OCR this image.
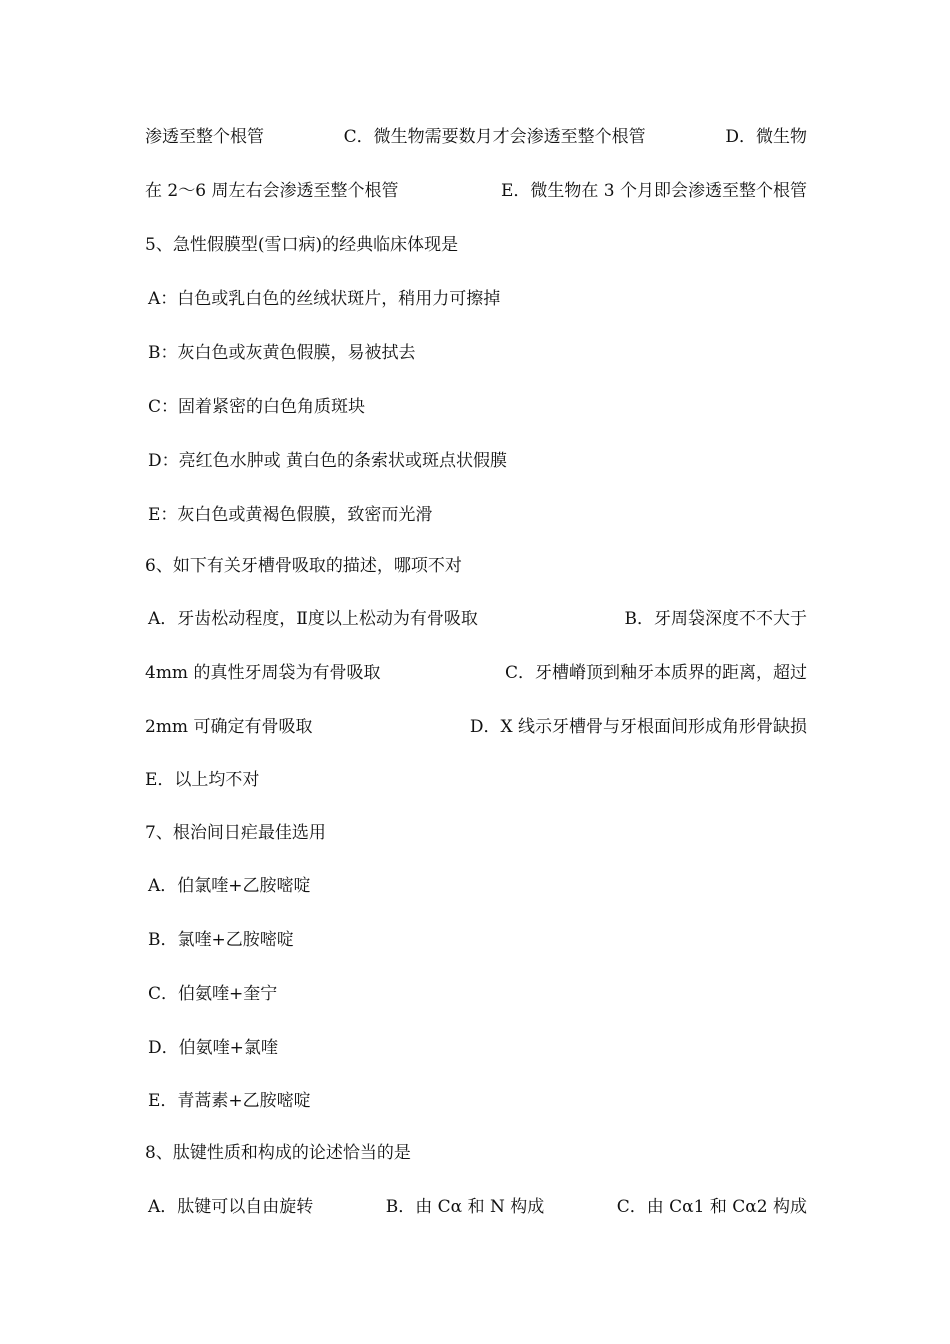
渗透至整个根管	C．微生物需要数月才会渗透至整个根管	D．微生物
在 2～6 周左右会渗透至整个根管	E．微生物在 3 个月即会渗透至整个根管
5、急性假膜型(雪口病)的经典临床体现是
A：白色或乳白色的丝绒状斑片，稍用力可擦掉
B：灰白色或灰黄色假膜，易被拭去
C：固着紧密的白色角质斑块
D：亮红色水肿或 黄白色的条索状或斑点状假膜
E：灰白色或黄褐色假膜，致密而光滑
6、如下有关牙槽骨吸取的描述，哪项不对
A．牙齿松动程度，Ⅱ度以上松动为有骨吸取	B．牙周袋深度不不大于
4mm 的真性牙周袋为有骨吸取	C．牙槽嵴顶到釉牙本质界的距离，超过
2mm 可确定有骨吸取	D．X 线示牙槽骨与牙根面间形成角形骨缺损
E．以上均不对
7、根治间日疟最佳选用
A．伯氯喹+乙胺嘧啶
B．氯喹+乙胺嘧啶
C．伯氨喹+奎宁
D．伯氨喹+氯喹
E．青蒿素+乙胺嘧啶
8、肽键性质和构成的论述恰当的是
A．肽键可以自由旋转	B．由 Cα 和 N 构成	C．由 Cα1 和 Cα2 构成
